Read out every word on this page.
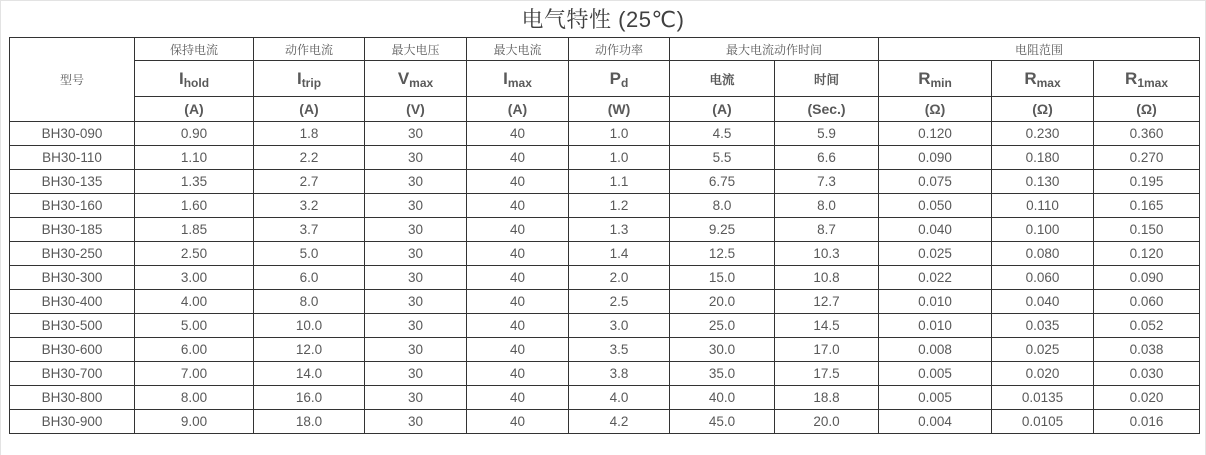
电气特性 (25℃)
型号	保持电流	动作电流	最大电压	最大电流	动作功率	最大电流动作时间		电阻范围		
	$I_{hold}$	$I_{trip}$	$V_{max}$	$I_{max}$	$P_d$	电流	时间	$R_{min}$	$R_{max}$	$R_{1max}$
	(A)	(A)	(V)	(A)	(W)	(A)	(Sec.)	(Ω)	(Ω)	(Ω)
BH30-090	0.90	1.8	30	40	1.0	4.5	5.9	0.120	0.230	0.360
BH30-110	1.10	2.2	30	40	1.0	5.5	6.6	0.090	0.180	0.270
BH30-135	1.35	2.7	30	40	1.1	6.75	7.3	0.075	0.130	0.195
BH30-160	1.60	3.2	30	40	1.2	8.0	8.0	0.050	0.110	0.165
BH30-185	1.85	3.7	30	40	1.3	9.25	8.7	0.040	0.100	0.150
BH30-250	2.50	5.0	30	40	1.4	12.5	10.3	0.025	0.080	0.120
BH30-300	3.00	6.0	30	40	2.0	15.0	10.8	0.022	0.060	0.090
BH30-400	4.00	8.0	30	40	2.5	20.0	12.7	0.010	0.040	0.060
BH30-500	5.00	10.0	30	40	3.0	25.0	14.5	0.010	0.035	0.052
BH30-600	6.00	12.0	30	40	3.5	30.0	17.0	0.008	0.025	0.038
BH30-700	7.00	14.0	30	40	3.8	35.0	17.5	0.005	0.020	0.030
BH30-800	8.00	16.0	30	40	4.0	40.0	18.8	0.005	0.0135	0.020
BH30-900	9.00	18.0	30	40	4.2	45.0	20.0	0.004	0.0105	0.016
